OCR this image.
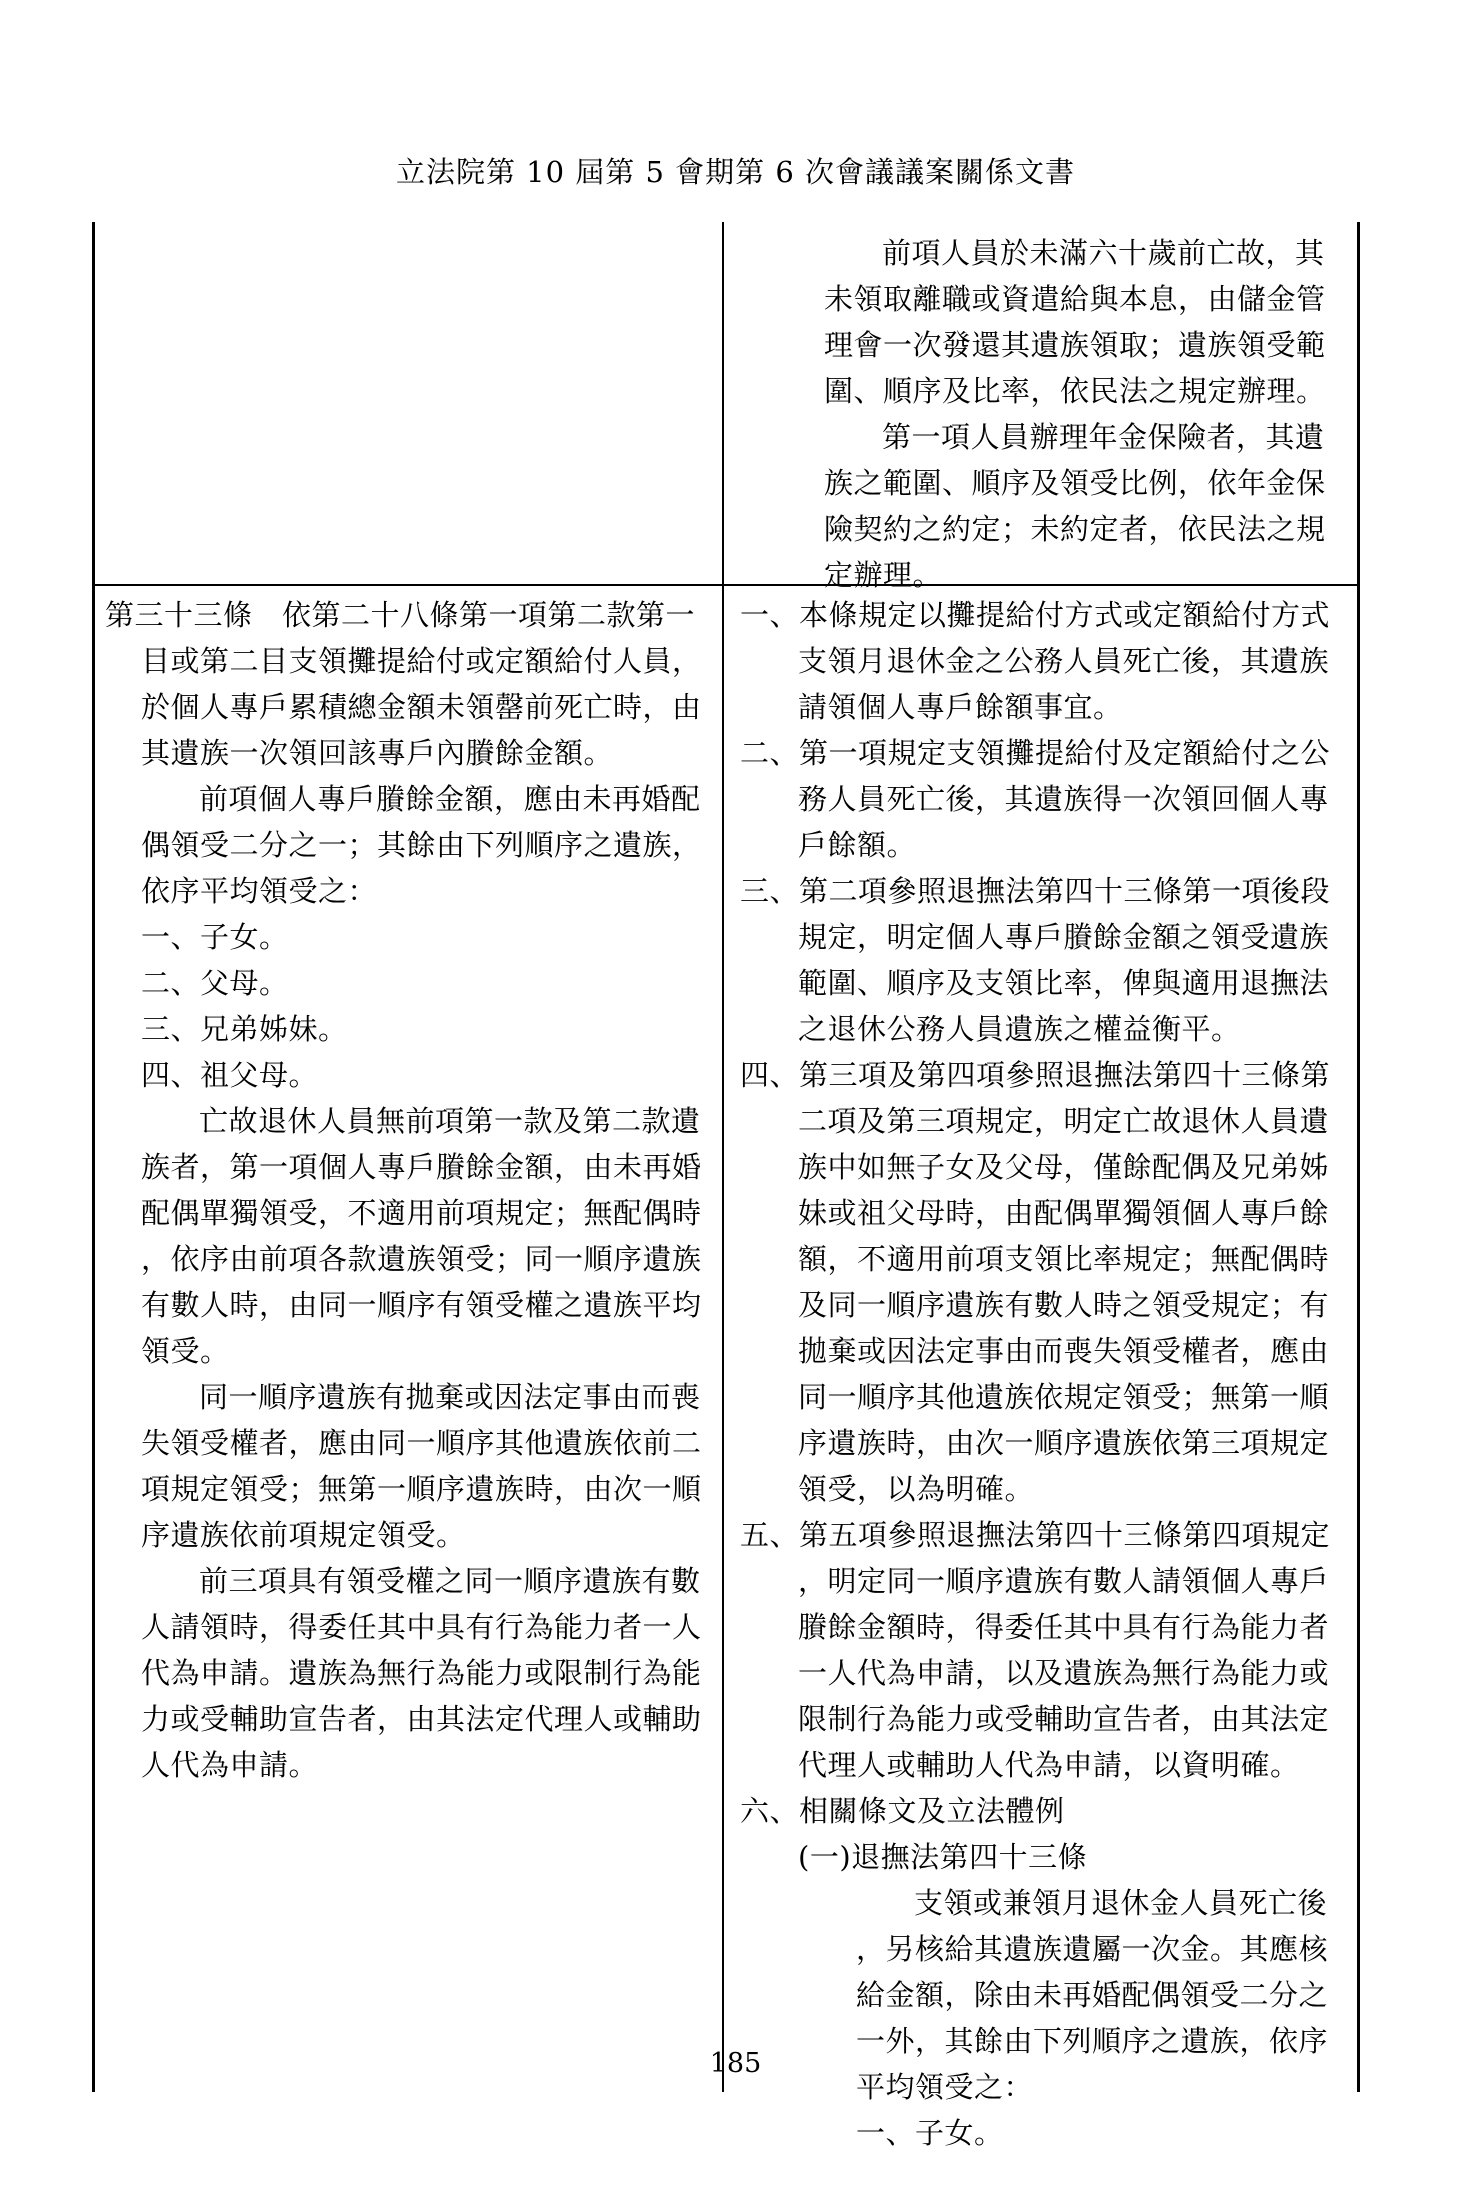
立法院第 10 屆第 5 會期第 6 次會議議案關係文書
前項人員於未滿六十歲前亡故，其
未領取離職或資遣給與本息，由儲金管
理會一次發還其遺族領取；遺族領受範
圍、順序及比率，依民法之規定辦理。
第一項人員辦理年金保險者，其遺
族之範圍、順序及領受比例，依年金保
險契約之約定；未約定者，依民法之規
定辦理。
第三十三條　依第二十八條第一項第二款第一
目或第二目支領攤提給付或定額給付人員，
於個人專戶累積總金額未領罄前死亡時，由
其遺族一次領回該專戶內賸餘金額。
前項個人專戶賸餘金額，應由未再婚配
偶領受二分之一；其餘由下列順序之遺族，
依序平均領受之：
一、子女。
二、父母。
三、兄弟姊妹。
四、祖父母。
亡故退休人員無前項第一款及第二款遺
族者，第一項個人專戶賸餘金額，由未再婚
配偶單獨領受，不適用前項規定；無配偶時
，依序由前項各款遺族領受；同一順序遺族
有數人時，由同一順序有領受權之遺族平均
領受。
同一順序遺族有拋棄或因法定事由而喪
失領受權者，應由同一順序其他遺族依前二
項規定領受；無第一順序遺族時，由次一順
序遺族依前項規定領受。
前三項具有領受權之同一順序遺族有數
人請領時，得委任其中具有行為能力者一人
代為申請。遺族為無行為能力或限制行為能
力或受輔助宣告者，由其法定代理人或輔助
人代為申請。
一、本條規定以攤提給付方式或定額給付方式
支領月退休金之公務人員死亡後，其遺族
請領個人專戶餘額事宜。
二、第一項規定支領攤提給付及定額給付之公
務人員死亡後，其遺族得一次領回個人專
戶餘額。
三、第二項參照退撫法第四十三條第一項後段
規定，明定個人專戶賸餘金額之領受遺族
範圍、順序及支領比率，俾與適用退撫法
之退休公務人員遺族之權益衡平。
四、第三項及第四項參照退撫法第四十三條第
二項及第三項規定，明定亡故退休人員遺
族中如無子女及父母，僅餘配偶及兄弟姊
妹或祖父母時，由配偶單獨領個人專戶餘
額，不適用前項支領比率規定；無配偶時
及同一順序遺族有數人時之領受規定；有
拋棄或因法定事由而喪失領受權者，應由
同一順序其他遺族依規定領受；無第一順
序遺族時，由次一順序遺族依第三項規定
領受，以為明確。
五、第五項參照退撫法第四十三條第四項規定
，明定同一順序遺族有數人請領個人專戶
賸餘金額時，得委任其中具有行為能力者
一人代為申請，以及遺族為無行為能力或
限制行為能力或受輔助宣告者，由其法定
代理人或輔助人代為申請，以資明確。
六、相關條文及立法體例
(一)退撫法第四十三條
支領或兼領月退休金人員死亡後
，另核給其遺族遺屬一次金。其應核
給金額，除由未再婚配偶領受二分之
一外，其餘由下列順序之遺族，依序
平均領受之：
一、子女。
185
